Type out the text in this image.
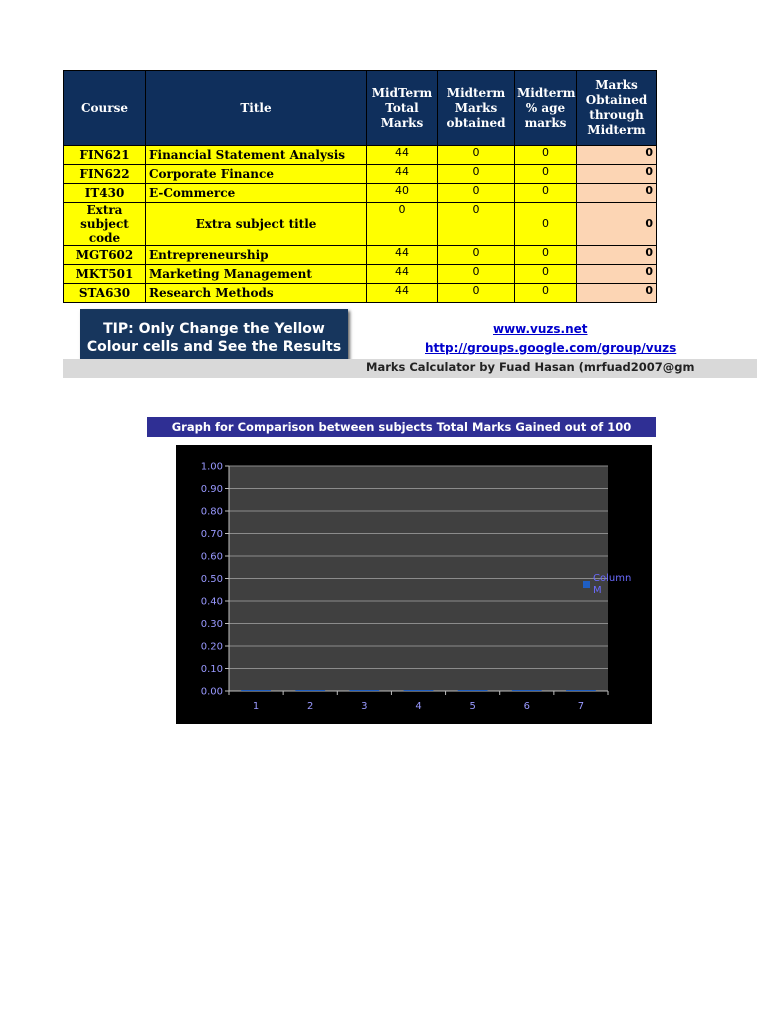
Course	Title	MidTerm Total Marks	Midterm Marks obtained	Midterm % age marks	Marks Obtained through Midterm
FIN621	Financial Statement Analysis	44	0	0	0
FIN622	Corporate Finance	44	0	0	0
IT430	E-Commerce	40	0	0	0
Extra subject code	Extra subject title	0	0	0	0
MGT602	Entrepreneurship	44	0	0	0
MKT501	Marketing Management	44	0	0	0
STA630	Research Methods	44	0	0	0
TIP: Only Change the Yellow
Colour cells and See the Results
www.vuzs.net
http://groups.google.com/group/vuzs
Marks Calculator by Fuad Hasan (mrfuad2007@gm
Graph for Comparison between subjects Total Marks Gained out of 100
0.00
0.10
0.20
0.30
0.40
0.50
0.60
0.70
0.80
0.90
1.00
1	2	3	4	5	6	7
Column
M
